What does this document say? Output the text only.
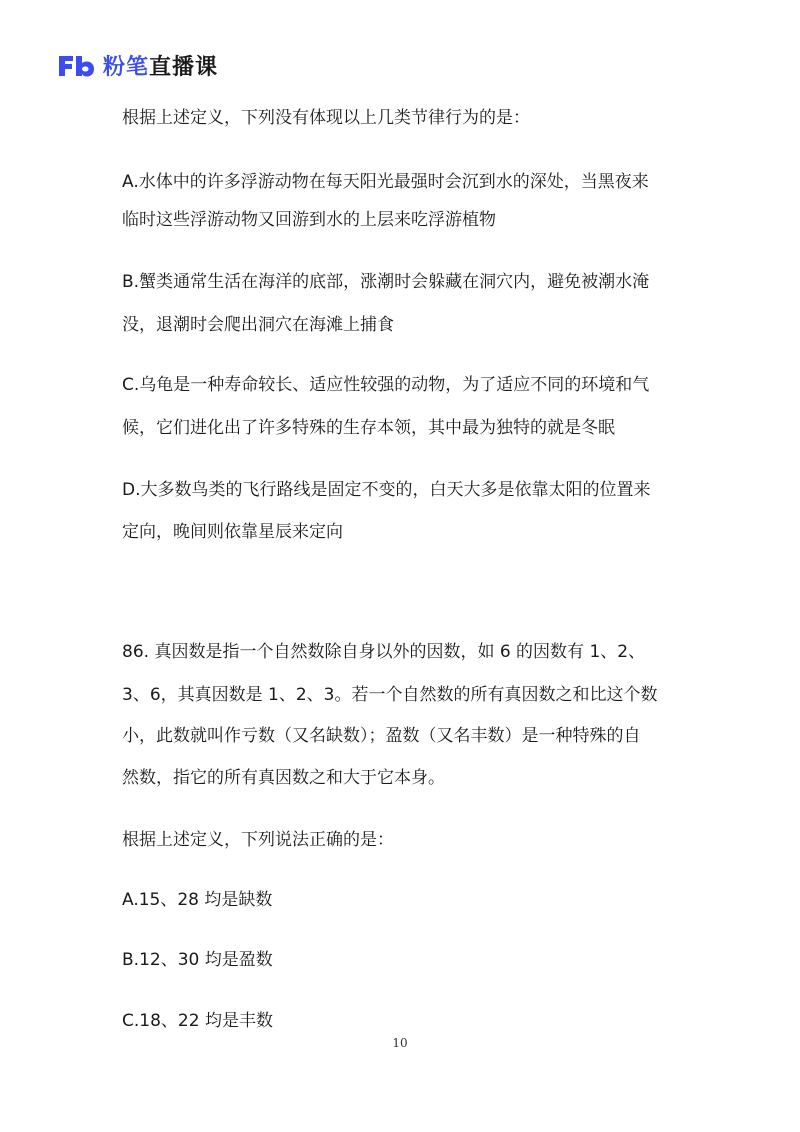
粉笔直播课
根据上述定义，下列没有体现以上几类节律行为的是：
A.水体中的许多浮游动物在每天阳光最强时会沉到水的深处，当黑夜来
临时这些浮游动物又回游到水的上层来吃浮游植物
B.蟹类通常生活在海洋的底部，涨潮时会躲藏在洞穴内，避免被潮水淹
没，退潮时会爬出洞穴在海滩上捕食
C.乌龟是一种寿命较长、适应性较强的动物，为了适应不同的环境和气
候，它们进化出了许多特殊的生存本领，其中最为独特的就是冬眠
D.大多数鸟类的飞行路线是固定不变的，白天大多是依靠太阳的位置来
定向，晚间则依靠星辰来定向
86. 真因数是指一个自然数除自身以外的因数，如 6 的因数有 1、2、
3、6，其真因数是 1、2、3。若一个自然数的所有真因数之和比这个数
小，此数就叫作亏数（又名缺数）；盈数（又名丰数）是一种特殊的自
然数，指它的所有真因数之和大于它本身。
根据上述定义，下列说法正确的是：
A.15、28 均是缺数
B.12、30 均是盈数
C.18、22 均是丰数
10
